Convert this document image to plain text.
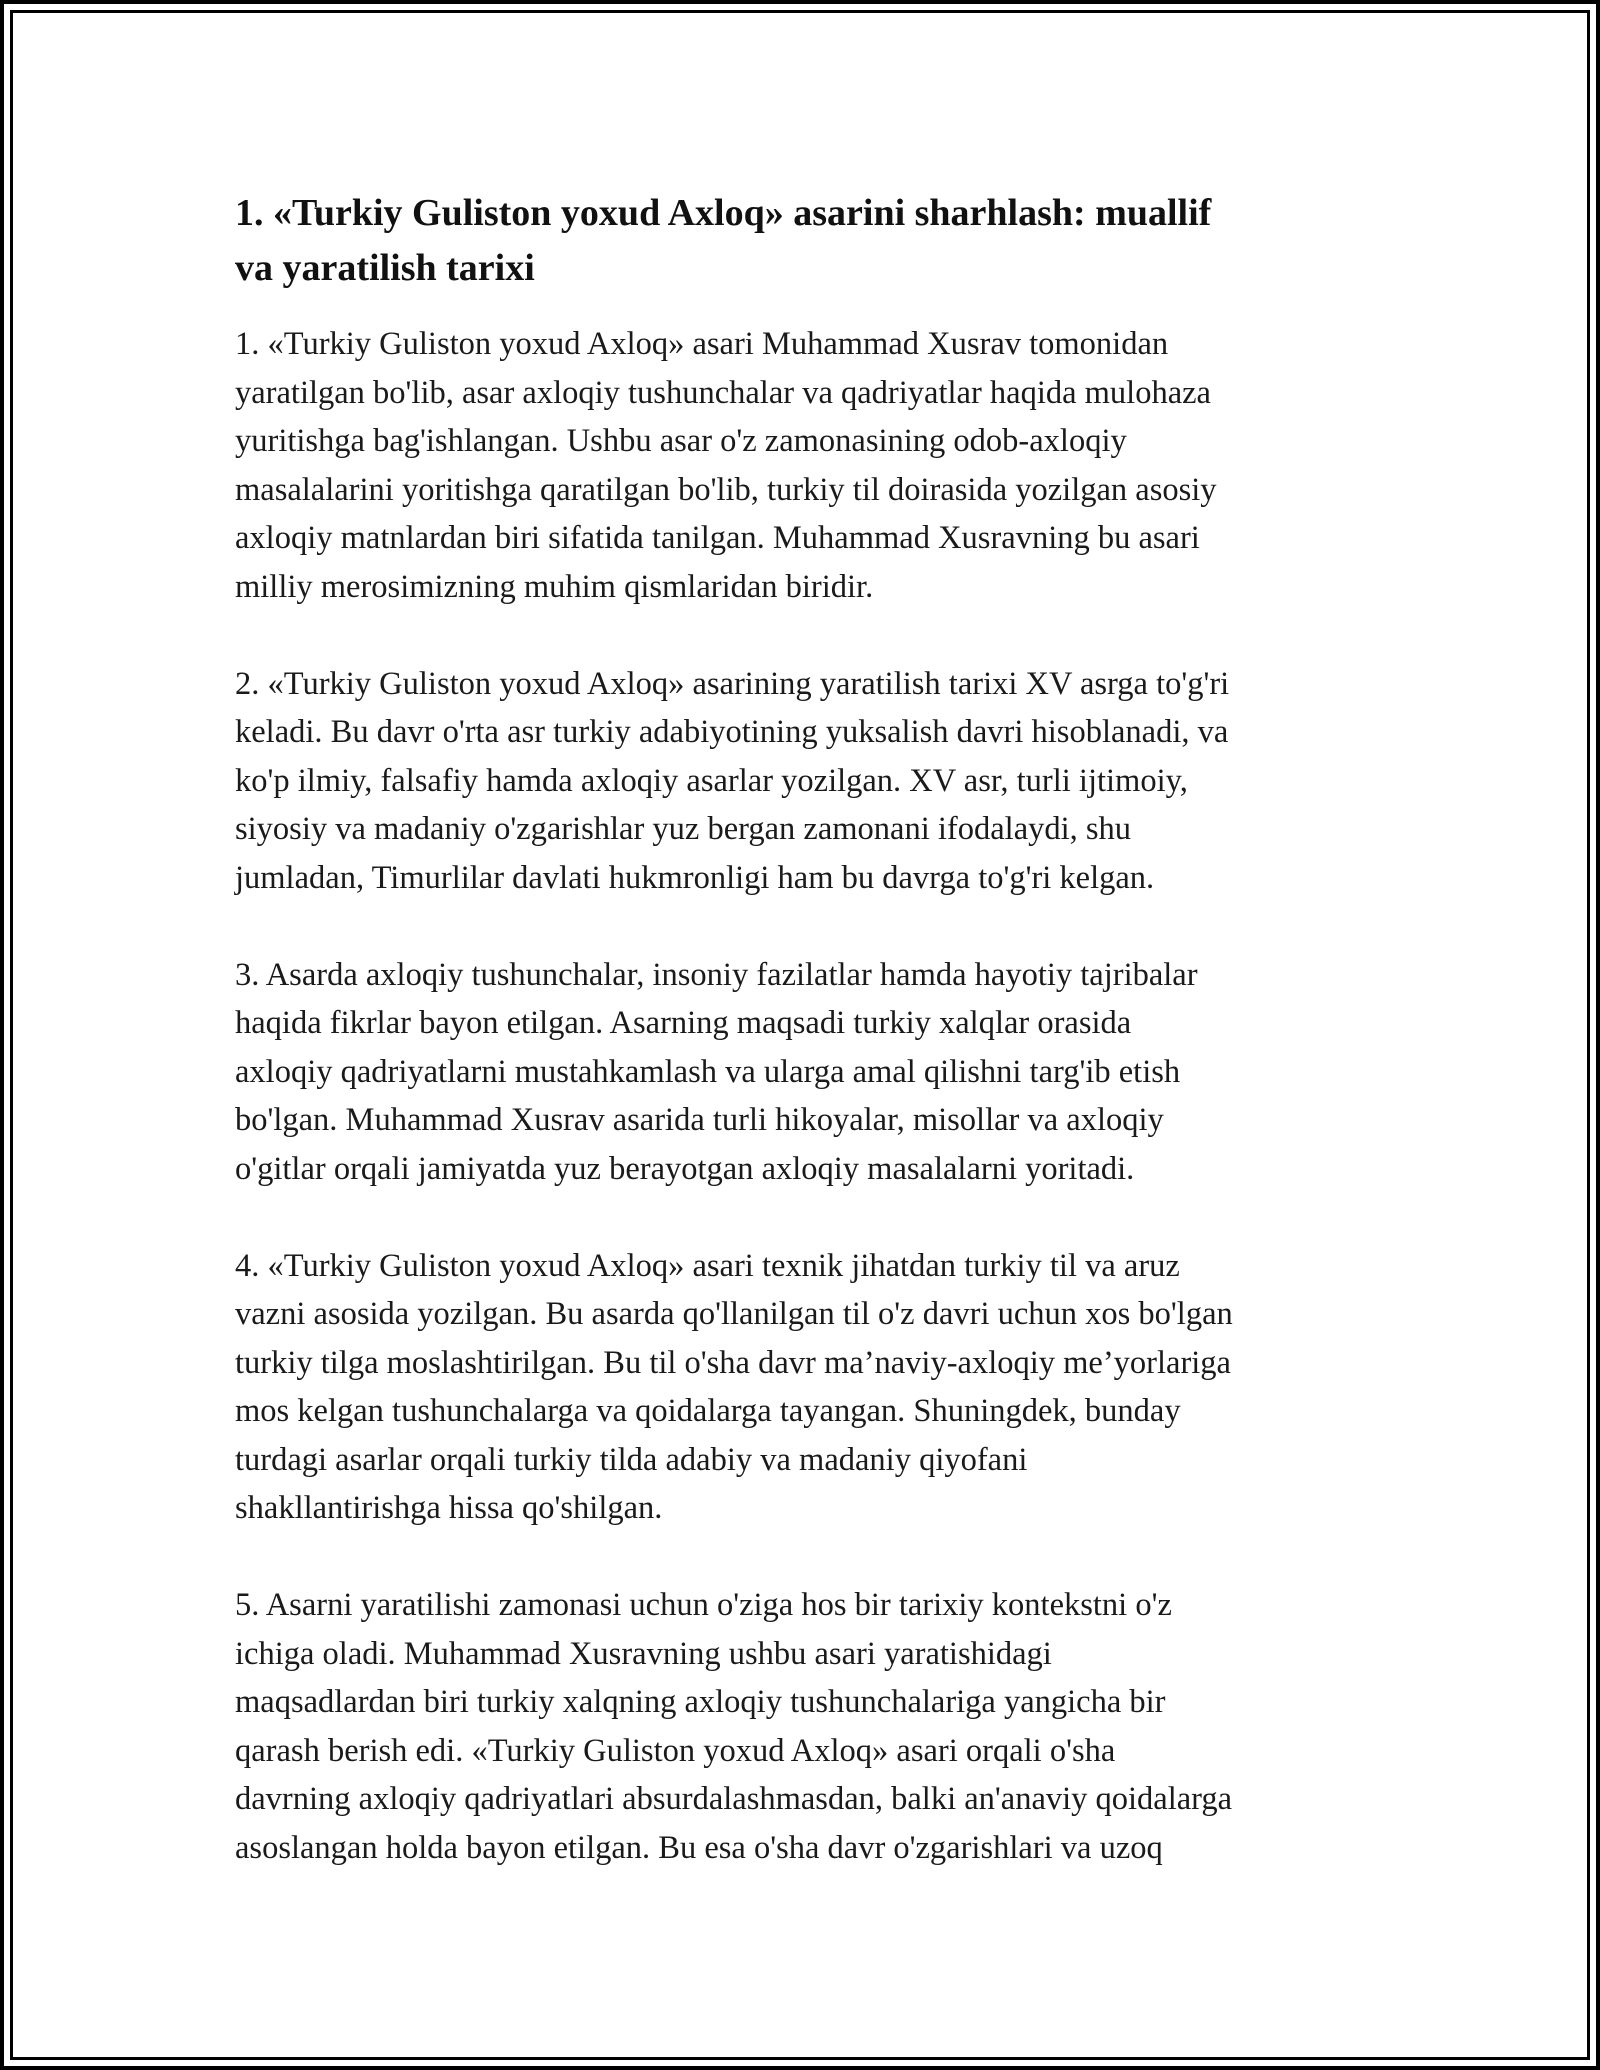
1. «Turkiy Guliston yoxud Axloq» asarini sharhlash: muallif
va yaratilish tarixi
1. «Turkiy Guliston yoxud Axloq» asari Muhammad Xusrav tomonidan
yaratilgan bo'lib, asar axloqiy tushunchalar va qadriyatlar haqida mulohaza
yuritishga bag'ishlangan. Ushbu asar o'z zamonasining odob-axloqiy
masalalarini yoritishga qaratilgan bo'lib, turkiy til doirasida yozilgan asosiy
axloqiy matnlardan biri sifatida tanilgan. Muhammad Xusravning bu asari
milliy merosimizning muhim qismlaridan biridir.
2. «Turkiy Guliston yoxud Axloq» asarining yaratilish tarixi XV asrga to'g'ri
keladi. Bu davr o'rta asr turkiy adabiyotining yuksalish davri hisoblanadi, va
ko'p ilmiy, falsafiy hamda axloqiy asarlar yozilgan. XV asr, turli ijtimoiy,
siyosiy va madaniy o'zgarishlar yuz bergan zamonani ifodalaydi, shu
jumladan, Timurlilar davlati hukmronligi ham bu davrga to'g'ri kelgan.
3. Asarda axloqiy tushunchalar, insoniy fazilatlar hamda hayotiy tajribalar
haqida fikrlar bayon etilgan. Asarning maqsadi turkiy xalqlar orasida
axloqiy qadriyatlarni mustahkamlash va ularga amal qilishni targ'ib etish
bo'lgan. Muhammad Xusrav asarida turli hikoyalar, misollar va axloqiy
o'gitlar orqali jamiyatda yuz berayotgan axloqiy masalalarni yoritadi.
4. «Turkiy Guliston yoxud Axloq» asari texnik jihatdan turkiy til va aruz
vazni asosida yozilgan. Bu asarda qo'llanilgan til o'z davri uchun xos bo'lgan
turkiy tilga moslashtirilgan. Bu til o'sha davr ma’naviy-axloqiy me’yorlariga
mos kelgan tushunchalarga va qoidalarga tayangan. Shuningdek, bunday
turdagi asarlar orqali turkiy tilda adabiy va madaniy qiyofani
shakllantirishga hissa qo'shilgan.
5. Asarni yaratilishi zamonasi uchun o'ziga hos bir tarixiy kontekstni o'z
ichiga oladi. Muhammad Xusravning ushbu asari yaratishidagi
maqsadlardan biri turkiy xalqning axloqiy tushunchalariga yangicha bir
qarash berish edi. «Turkiy Guliston yoxud Axloq» asari orqali o'sha
davrning axloqiy qadriyatlari absurdalashmasdan, balki an'anaviy qoidalarga
asoslangan holda bayon etilgan. Bu esa o'sha davr o'zgarishlari va uzoq
